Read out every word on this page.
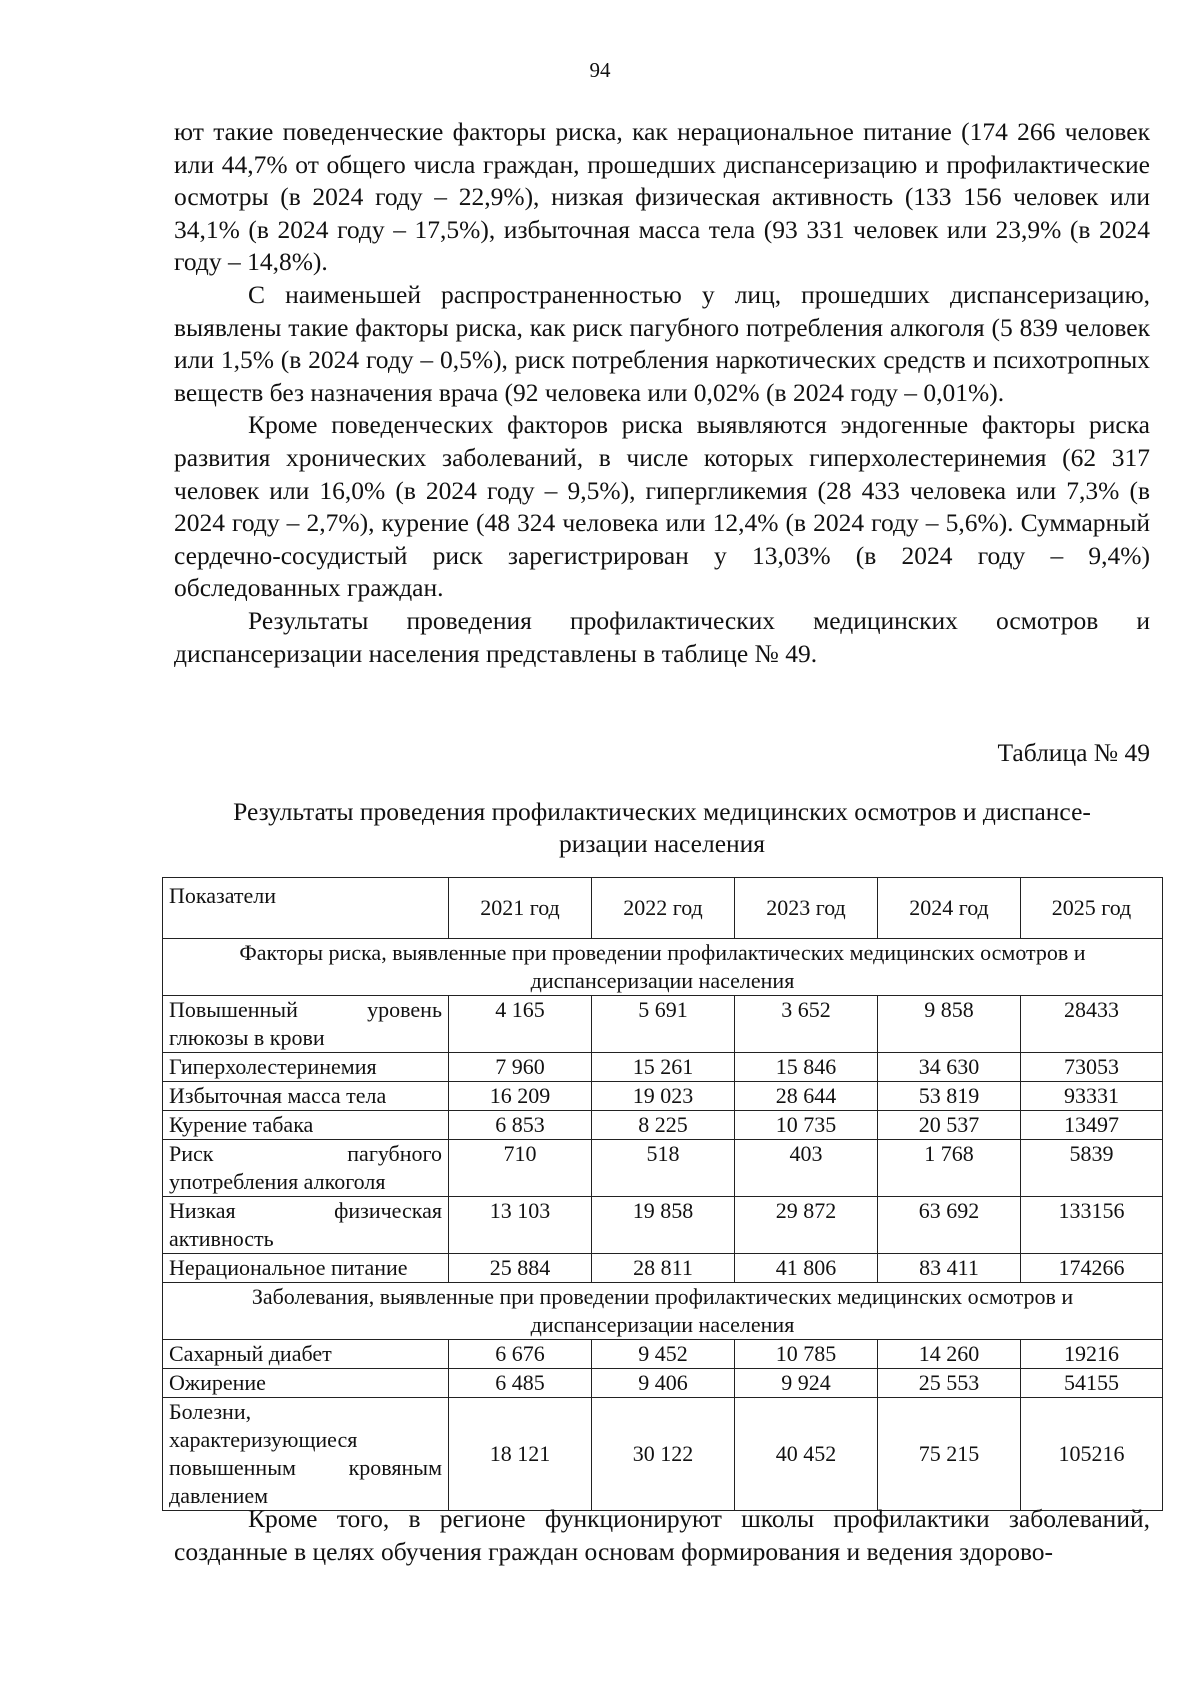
94

ют такие поведенческие факторы риска, как нерациональное питание (174 266 человек или 44,7% от общего числа граждан, прошедших диспансеризацию и профилактические осмотры (в 2024 году – 22,9%), низкая физическая активность (133 156 человек или 34,1% (в 2024 году – 17,5%), избыточная масса тела (93 331 человек или 23,9% (в 2024 году – 14,8%).

С наименьшей распространенностью у лиц, прошедших диспансеризацию, выявлены такие факторы риска, как риск пагубного потребления алкоголя (5 839 человек или 1,5% (в 2024 году – 0,5%), риск потребления наркотических средств и психотропных веществ без назначения врача (92 человека или 0,02% (в 2024 году – 0,01%).

Кроме поведенческих факторов риска выявляются эндогенные факторы риска развития хронических заболеваний, в числе которых гиперхолестеринемия (62 317 человек или 16,0% (в 2024 году – 9,5%), гипергликемия (28 433 человека или 7,3% (в 2024 году – 2,7%), курение (48 324 человека или 12,4% (в 2024 году – 5,6%). Суммарный сердечно-сосудистый риск зарегистрирован у 13,03% (в 2024 году – 9,4%) обследованных граждан.

Результаты проведения профилактических медицинских осмотров и диспансеризации населения представлены в таблице № 49.

Таблица № 49
Результаты проведения профилактических медицинских осмотров и диспансе-
ризации населения
Показатели	2021 год	2022 год	2023 год	2024 год	2025 год
Факторы риска, выявленные при проведении профилактических медицинских осмотров и диспансеризации населения					
Повышенный уровень глюкозы в крови	4 165	5 691	3 652	9 858	28433
Гиперхолестеринемия	7 960	15 261	15 846	34 630	73053
Избыточная масса тела	16 209	19 023	28 644	53 819	93331
Курение табака	6 853	8 225	10 735	20 537	13497
Риск пагубного употребления алкоголя	710	518	403	1 768	5839
Низкая физическая активность	13 103	19 858	29 872	63 692	133156
Нерациональное питание	25 884	28 811	41 806	83 411	174266
Заболевания, выявленные при проведении профилактических медицинских осмотров и диспансеризации населения					
Сахарный диабет	6 676	9 452	10 785	14 260	19216
Ожирение	6 485	9 406	9 924	25 553	54155
Болезни, характеризующиеся повышенным кровяным давлением	18 121	30 122	40 452	75 215	105216

Кроме того, в регионе функционируют школы профилактики заболеваний, созданные в целях обучения граждан основам формирования и ведения здорово-
